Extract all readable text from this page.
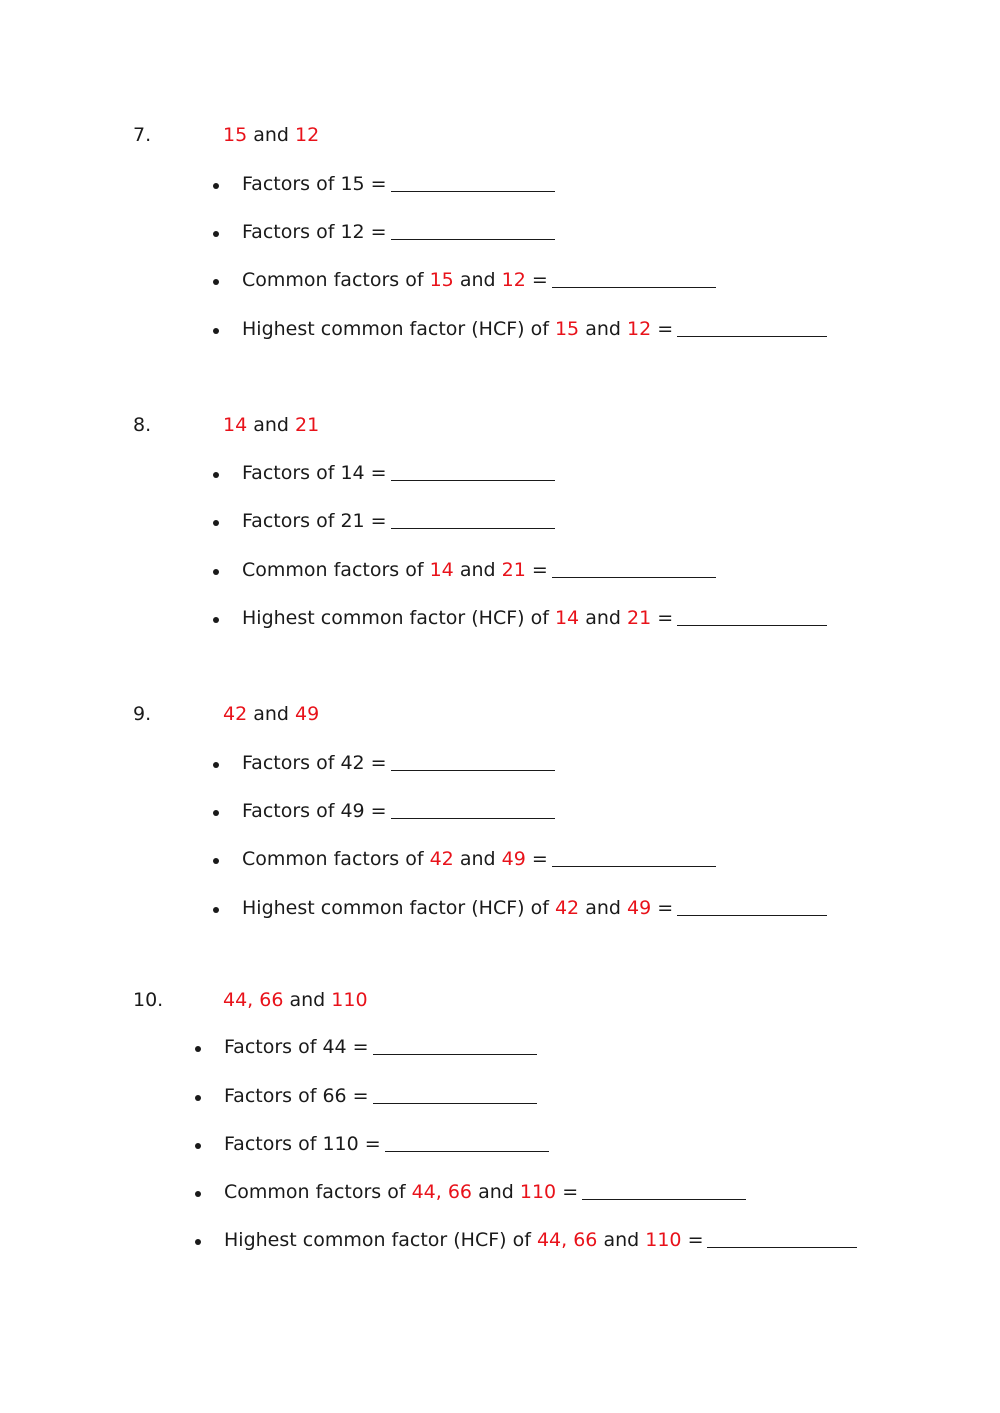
7.	15 and 12
Factors of 15 =
Factors of 12 =
Common factors of 15 and 12 =
Highest common factor (HCF) of 15 and 12 =
8.	14 and 21
Factors of 14 =
Factors of 21 =
Common factors of 14 and 21 =
Highest common factor (HCF) of 14 and 21 =
9.	42 and 49
Factors of 42 =
Factors of 49 =
Common factors of 42 and 49 =
Highest common factor (HCF) of 42 and 49 =
10.	44, 66 and 110
Factors of 44 =
Factors of 66 =
Factors of 110 =
Common factors of 44, 66 and 110 =
Highest common factor (HCF) of 44, 66 and 110 =
